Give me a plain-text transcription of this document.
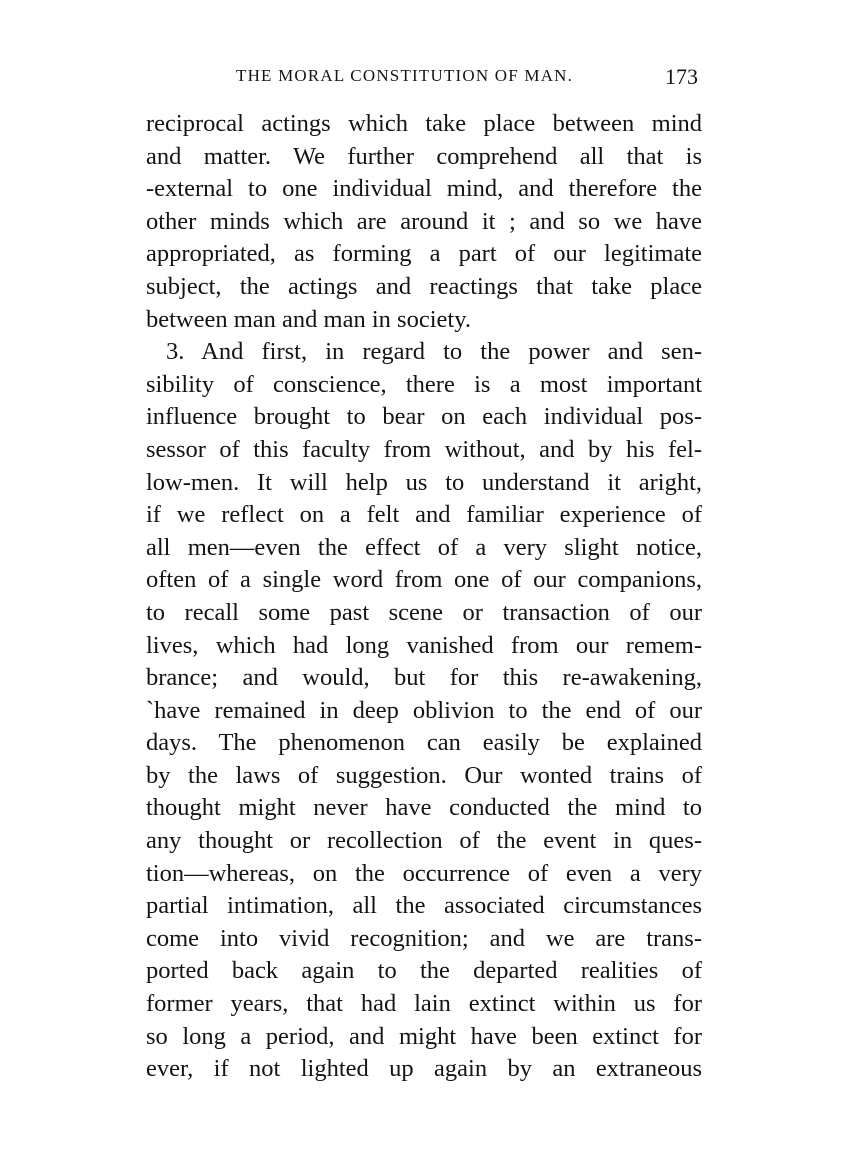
THE MORAL CONSTITUTION OF MAN.	173
reciprocal actings which take place between mind
and matter. We further comprehend all that is
-external to one individual mind, and therefore the
other minds which are around it ; and so we have
appropriated, as forming a part of our legitimate
subject, the actings and reactings that take place
between man and man in society.
3. And first, in regard to the power and sen-
sibility of conscience, there is a most important
influence brought to bear on each individual pos-
sessor of this faculty from without, and by his fel-
low-men. It will help us to understand it aright,
if we reflect on a felt and familiar experience of
all men—even the effect of a very slight notice,
often of a single word from one of our companions,
to recall some past scene or transaction of our
lives, which had long vanished from our remem-
brance; and would, but for this re-awakening,
`have remained in deep oblivion to the end of our
days. The phenomenon can easily be explained
by the laws of suggestion. Our wonted trains of
thought might never have conducted the mind to
any thought or recollection of the event in ques-
tion—whereas, on the occurrence of even a very
partial intimation, all the associated circumstances
come into vivid recognition; and we are trans-
ported back again to the departed realities of
former years, that had lain extinct within us for
so long a period, and might have been extinct for
ever, if not lighted up again by an extraneous
